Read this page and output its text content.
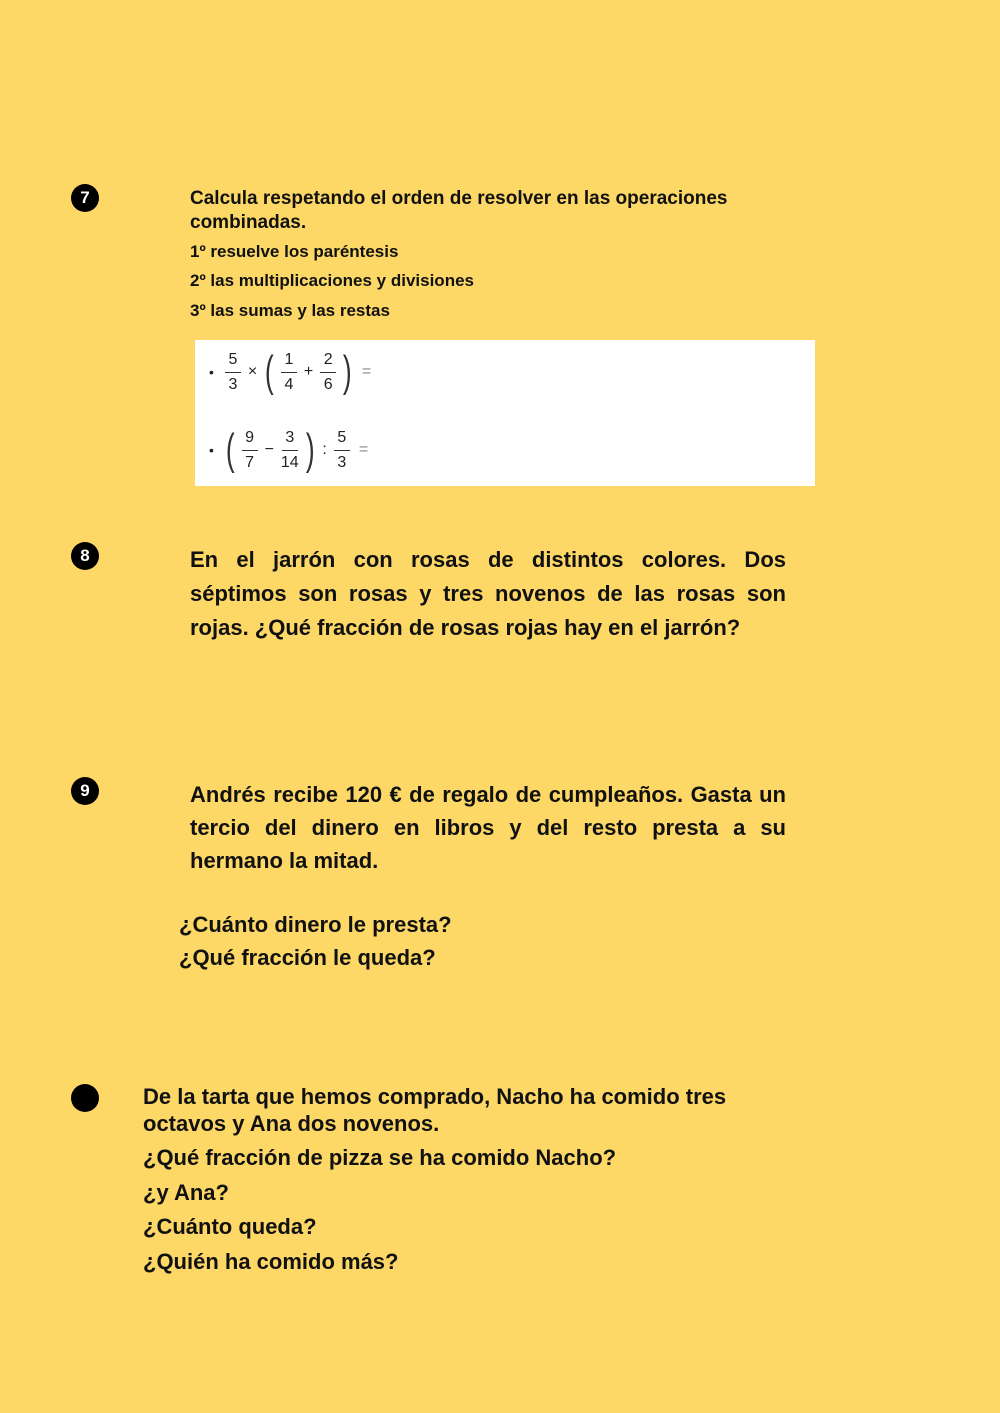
7	Calcula respetando el orden de resolver en las operaciones combinadas.

1º resuelve los paréntesis

2º las multiplicaciones y divisiones

3º las sumas y las restas

• $\frac{5}{3}$ × ( $\frac{1}{4} + \frac{2}{6}$ ) =
• ( $\frac{9}{7} - \frac{3}{14}$ ) : $\frac{5}{3}$ =
8	En el jarrón con rosas de distintos colores. Dos séptimos son rosas y tres novenos de las rosas son rojas. ¿Qué fracción de rosas rojas hay en el jarrón?

9	Andrés recibe 120 € de regalo de cumpleaños. Gasta un tercio del dinero en libros y del resto presta a su hermano la mitad.

¿Cuánto dinero le presta?

¿Qué fracción le queda?

De la tarta que hemos comprado, Nacho ha comido tres octavos y Ana dos novenos.

¿Qué fracción de pizza se ha comido Nacho?

¿y Ana?

¿Cuánto queda?

¿Quién ha comido más?
